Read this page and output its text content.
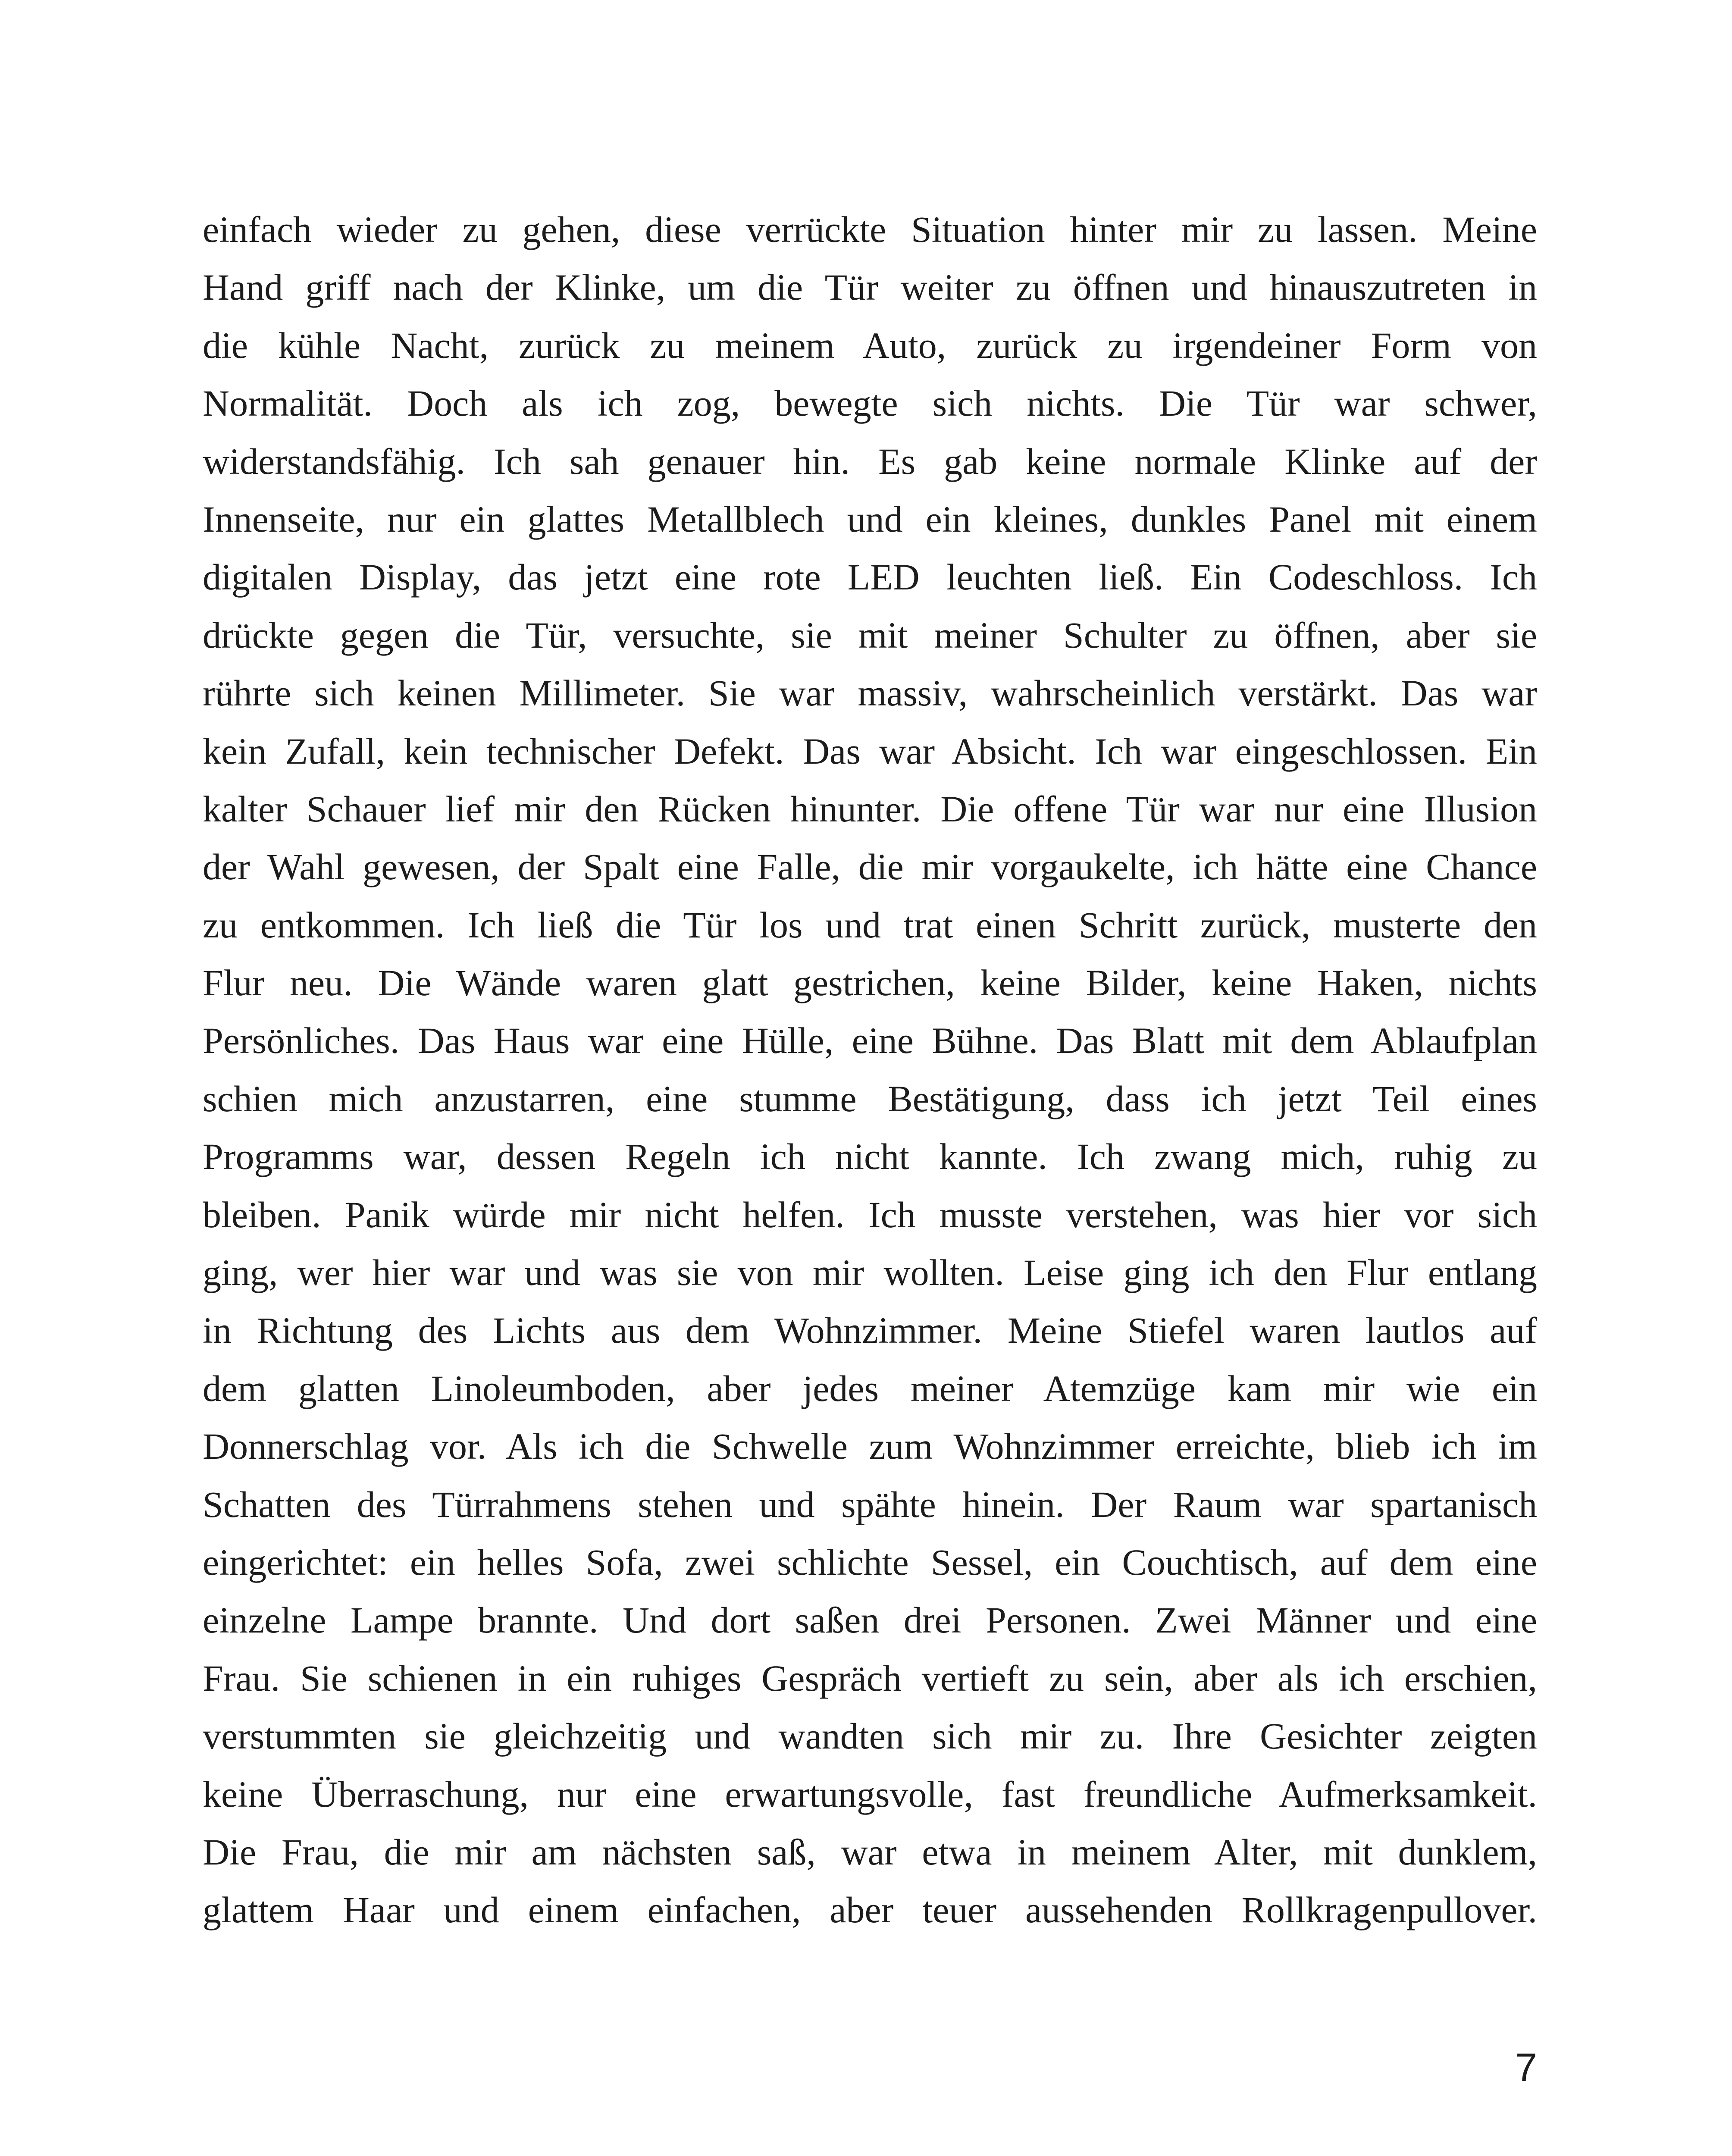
einfach wieder zu gehen, diese verrückte Situation hinter mir zu lassen. Meine
Hand griff nach der Klinke, um die Tür weiter zu öffnen und hinauszutreten in
die kühle Nacht, zurück zu meinem Auto, zurück zu irgendeiner Form von
Normalität. Doch als ich zog, bewegte sich nichts. Die Tür war schwer,
widerstandsfähig. Ich sah genauer hin. Es gab keine normale Klinke auf der
Innenseite, nur ein glattes Metallblech und ein kleines, dunkles Panel mit einem
digitalen Display, das jetzt eine rote LED leuchten ließ. Ein Codeschloss. Ich
drückte gegen die Tür, versuchte, sie mit meiner Schulter zu öffnen, aber sie
rührte sich keinen Millimeter. Sie war massiv, wahrscheinlich verstärkt. Das war
kein Zufall, kein technischer Defekt. Das war Absicht. Ich war eingeschlossen. Ein
kalter Schauer lief mir den Rücken hinunter. Die offene Tür war nur eine Illusion
der Wahl gewesen, der Spalt eine Falle, die mir vorgaukelte, ich hätte eine Chance
zu entkommen. Ich ließ die Tür los und trat einen Schritt zurück, musterte den
Flur neu. Die Wände waren glatt gestrichen, keine Bilder, keine Haken, nichts
Persönliches. Das Haus war eine Hülle, eine Bühne. Das Blatt mit dem Ablaufplan
schien mich anzustarren, eine stumme Bestätigung, dass ich jetzt Teil eines
Programms war, dessen Regeln ich nicht kannte. Ich zwang mich, ruhig zu
bleiben. Panik würde mir nicht helfen. Ich musste verstehen, was hier vor sich
ging, wer hier war und was sie von mir wollten. Leise ging ich den Flur entlang
in Richtung des Lichts aus dem Wohnzimmer. Meine Stiefel waren lautlos auf
dem glatten Linoleumboden, aber jedes meiner Atemzüge kam mir wie ein
Donnerschlag vor. Als ich die Schwelle zum Wohnzimmer erreichte, blieb ich im
Schatten des Türrahmens stehen und spähte hinein. Der Raum war spartanisch
eingerichtet: ein helles Sofa, zwei schlichte Sessel, ein Couchtisch, auf dem eine
einzelne Lampe brannte. Und dort saßen drei Personen. Zwei Männer und eine
Frau. Sie schienen in ein ruhiges Gespräch vertieft zu sein, aber als ich erschien,
verstummten sie gleichzeitig und wandten sich mir zu. Ihre Gesichter zeigten
keine Überraschung, nur eine erwartungsvolle, fast freundliche Aufmerksamkeit.
Die Frau, die mir am nächsten saß, war etwa in meinem Alter, mit dunklem,
glattem Haar und einem einfachen, aber teuer aussehenden Rollkragenpullover.
7
